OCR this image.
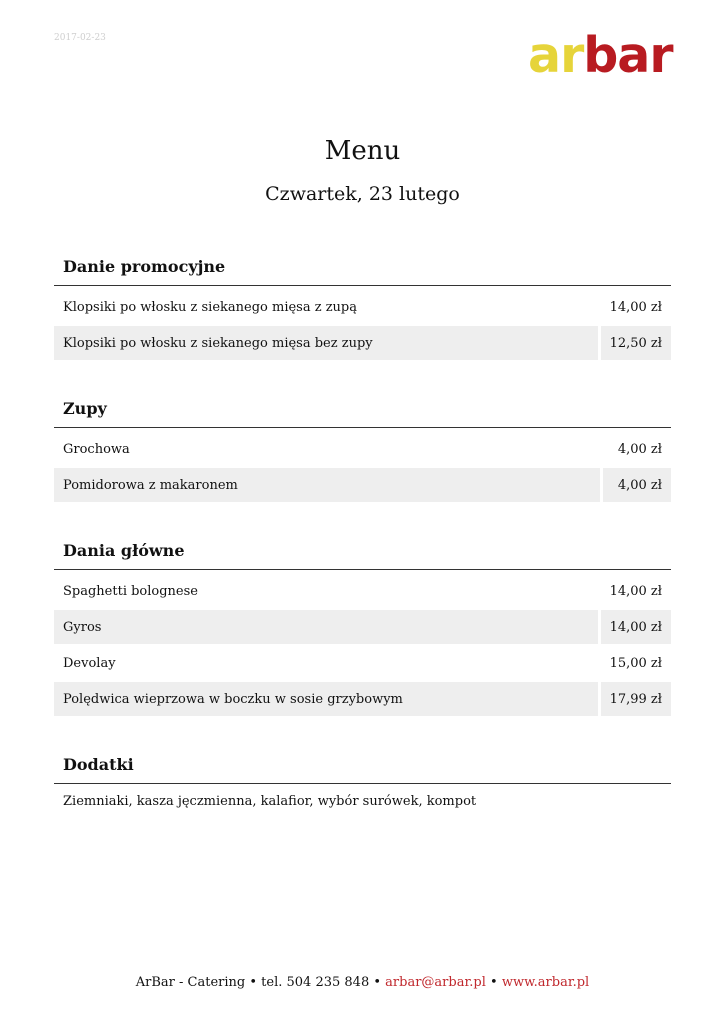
2017-02-23	arbar
Menu
Czwartek, 23 lutego
Danie promocyjne
Klopsiki po włosku z siekanego mięsa z zupą	14,00 zł
Klopsiki po włosku z siekanego mięsa bez zupy	12,50 zł
Zupy
Grochowa	4,00 zł
Pomidorowa z makaronem	4,00 zł
Dania główne
Spaghetti bolognese	14,00 zł
Gyros	14,00 zł
Devolay	15,00 zł
Polędwica wieprzowa w boczku w sosie grzybowym	17,99 zł
Dodatki
Ziemniaki, kasza jęczmienna, kalafior, wybór surówek, kompot
ArBar - Catering • tel. 504 235 848 • arbar@arbar.pl • www.arbar.pl
